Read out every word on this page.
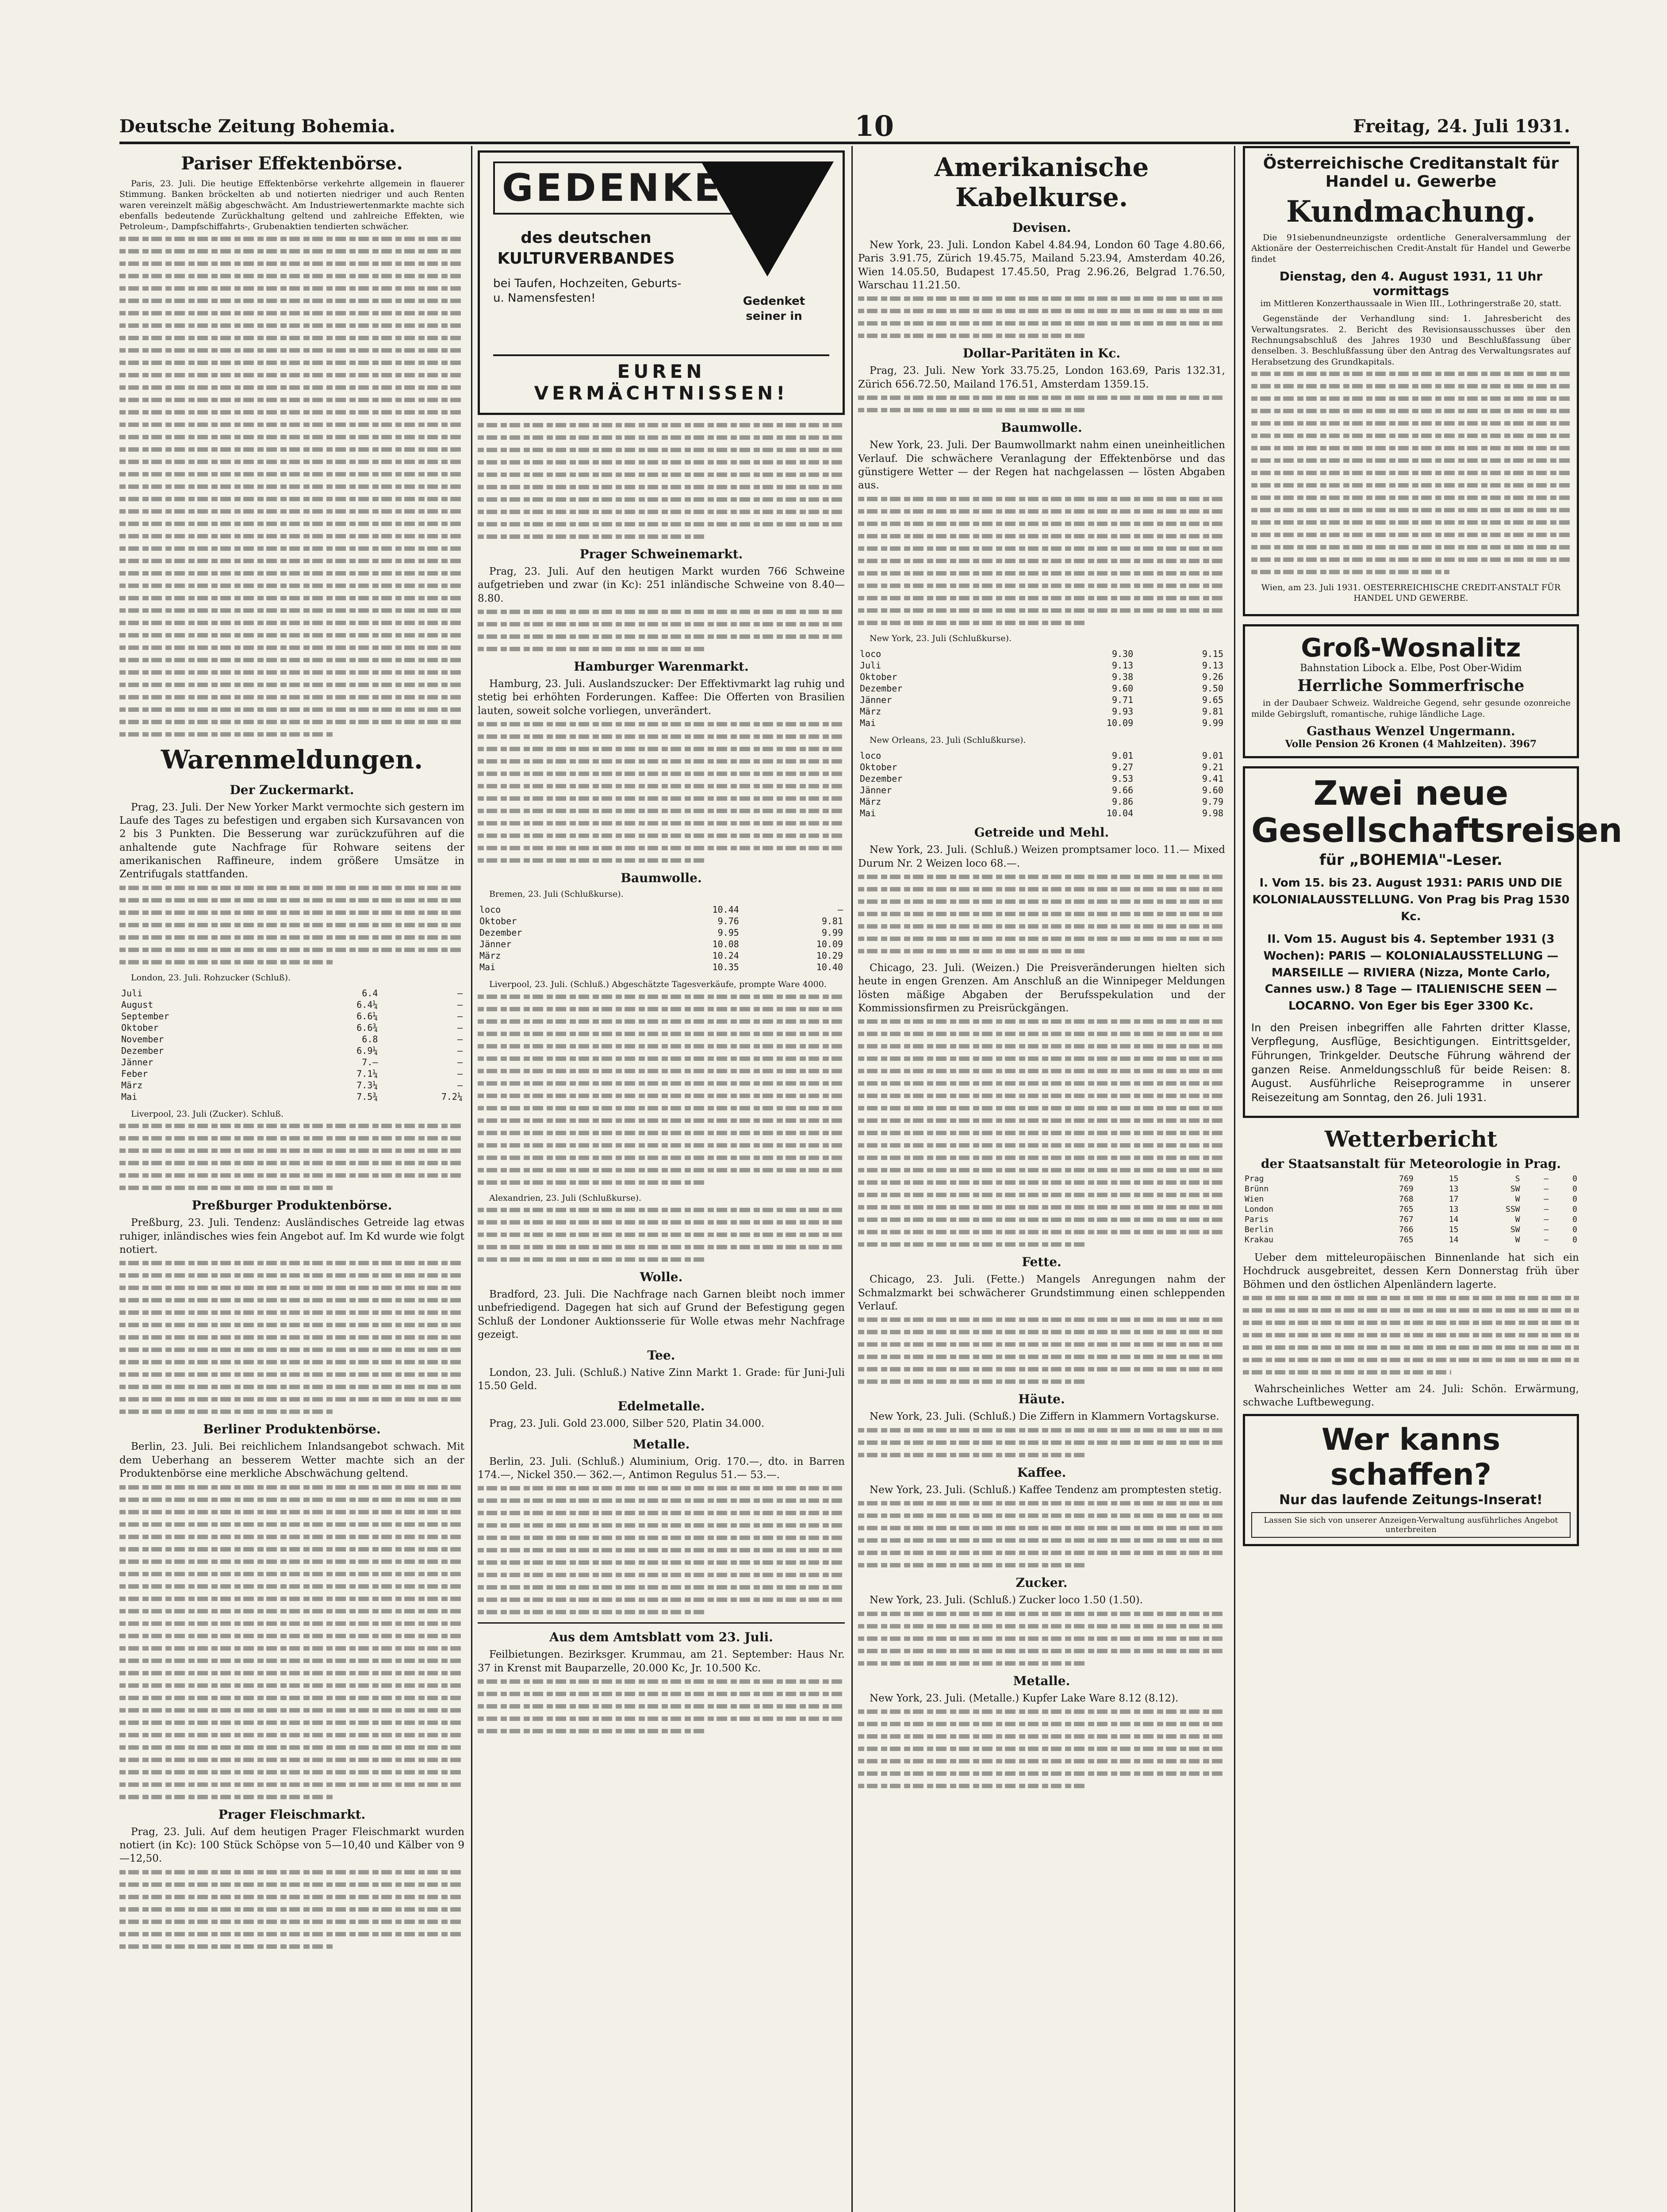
Deutsche Zeitung Bohemia.	10	Freitag, 24. Juli 1931.
Pariser Effektenbörse.

Paris, 23. Juli. Die heutige Effektenbörse verkehrte allgemein in flauerer Stimmung. Banken bröckelten ab und notierten niedriger und auch Renten waren vereinzelt mäßig abgeschwächt. Am Industriewertenmarkte machte sich ebenfalls bedeutende Zurückhaltung geltend und zahlreiche Effekten, wie Petroleum-, Dampfschiffahrts-, Grubenaktien tendierten schwächer.

Warenmeldungen.
Der Zuckermarkt.

Prag, 23. Juli. Der New Yorker Markt vermochte sich gestern im Laufe des Tages zu befestigen und ergaben sich Kursavancen von 2 bis 3 Punkten. Die Besserung war zurückzuführen auf die anhaltende gute Nachfrage für Rohware seitens der amerikanischen Raffineure, indem größere Umsätze in Zentrifugals stattfanden.

London, 23. Juli. Rohzucker (Schluß).

Juli	6.4	—
August	6.4¼	—
September	6.6¼	—
Oktober	6.6¾	—
November	6.8	—
Dezember	6.9¼	—
Jänner	7.—	—
Feber	7.1¼	—
März	7.3¼	—
Mai	7.5¾	7.2¼

Liverpool, 23. Juli (Zucker). Schluß.

Preßburger Produktenbörse.

Preßburg, 23. Juli. Tendenz: Ausländisches Getreide lag etwas ruhiger, inländisches wies fein Angebot auf. Im Kd wurde wie folgt notiert.

Berliner Produktenbörse.

Berlin, 23. Juli. Bei reichlichem Inlandsangebot schwach. Mit dem Ueberhang an besserem Wetter machte sich an der Produktenbörse eine merkliche Abschwächung geltend.

Prager Fleischmarkt.

Prag, 23. Juli. Auf dem heutigen Prager Fleischmarkt wurden notiert (in Kc): 100 Stück Schöpse von 5—10,40 und Kälber von 9—12,50.

GEDENKET
des deutschen KULTURVERBANDES
bei Taufen, Hochzeiten, Geburts- u. Namensfesten!	Gedenket seiner in
EUREN VERMÄCHTNISSEN!
Prager Schweinemarkt.

Prag, 23. Juli. Auf den heutigen Markt wurden 766 Schweine aufgetrieben und zwar (in Kc): 251 inländische Schweine von 8.40—8.80.

Hamburger Warenmarkt.

Hamburg, 23. Juli. Auslandszucker: Der Effektivmarkt lag ruhig und stetig bei erhöhten Forderungen. Kaffee: Die Offerten von Brasilien lauten, soweit solche vorliegen, unverändert.

Baumwolle.

Bremen, 23. Juli (Schlußkurse).

loco	10.44	—
Oktober	9.76	9.81
Dezember	9.95	9.99
Jänner	10.08	10.09
März	10.24	10.29
Mai	10.35	10.40

Liverpool, 23. Juli. (Schluß.) Abgeschätzte Tagesverkäufe, prompte Ware 4000.

Alexandrien, 23. Juli (Schlußkurse).

Wolle.

Bradford, 23. Juli. Die Nachfrage nach Garnen bleibt noch immer unbefriedigend. Dagegen hat sich auf Grund der Befestigung gegen Schluß der Londoner Auktionsserie für Wolle etwas mehr Nachfrage gezeigt.

Tee.

London, 23. Juli. (Schluß.) Native Zinn Markt 1. Grade: für Juni-Juli 15.50 Geld.

Edelmetalle.

Prag, 23. Juli. Gold 23.000, Silber 520, Platin 34.000.

Metalle.

Berlin, 23. Juli. (Schluß.) Aluminium, Orig. 170.—, dto. in Barren 174.—, Nickel 350.— 362.—, Antimon Regulus 51.— 53.—.

Aus dem Amtsblatt vom 23. Juli.

Feilbietungen. Bezirksger. Krummau, am 21. September: Haus Nr. 37 in Krenst mit Bauparzelle, 20.000 Kc, Jr. 10.500 Kc.

Amerikanische Kabelkurse.
Devisen.

New York, 23. Juli. London Kabel 4.84.94, London 60 Tage 4.80.66, Paris 3.91.75, Zürich 19.45.75, Mailand 5.23.94, Amsterdam 40.26, Wien 14.05.50, Budapest 17.45.50, Prag 2.96.26, Belgrad 1.76.50, Warschau 11.21.50.

Dollar-Paritäten in Kc.

Prag, 23. Juli. New York 33.75.25, London 163.69, Paris 132.31, Zürich 656.72.50, Mailand 176.51, Amsterdam 1359.15.

Baumwolle.

New York, 23. Juli. Der Baumwollmarkt nahm einen uneinheitlichen Verlauf. Die schwächere Veranlagung der Effektenbörse und das günstigere Wetter — der Regen hat nachgelassen — lösten Abgaben aus.

New York, 23. Juli (Schlußkurse).

loco	9.30	9.15
Juli	9.13	9.13
Oktober	9.38	9.26
Dezember	9.60	9.50
Jänner	9.71	9.65
März	9.93	9.81
Mai	10.09	9.99

New Orleans, 23. Juli (Schlußkurse).

loco	9.01	9.01
Oktober	9.27	9.21
Dezember	9.53	9.41
Jänner	9.66	9.60
März	9.86	9.79
Mai	10.04	9.98
Getreide und Mehl.

New York, 23. Juli. (Schluß.) Weizen promptsamer loco. 11.— Mixed Durum Nr. 2 Weizen loco 68.—.

Chicago, 23. Juli. (Weizen.) Die Preisveränderungen hielten sich heute in engen Grenzen. Am Anschluß an die Winnipeger Meldungen lösten mäßige Abgaben der Berufsspekulation und der Kommissionsfirmen zu Preisrückgängen.

Fette.

Chicago, 23. Juli. (Fette.) Mangels Anregungen nahm der Schmalzmarkt bei schwächerer Grundstimmung einen schleppenden Verlauf.

Häute.

New York, 23. Juli. (Schluß.) Die Ziffern in Klammern Vortagskurse.

Kaffee.

New York, 23. Juli. (Schluß.) Kaffee Tendenz am promptesten stetig.

Zucker.

New York, 23. Juli. (Schluß.) Zucker loco 1.50 (1.50).

Metalle.

New York, 23. Juli. (Metalle.) Kupfer Lake Ware 8.12 (8.12).

Österreichische Creditanstalt für Handel u. Gewerbe
Kundmachung.

Die 91siebenundneunzigste ordentliche Generalversammlung der Aktionäre der Oesterreichischen Credit-Anstalt für Handel und Gewerbe findet

Dienstag, den 4. August 1931, 11 Uhr vormittags

im Mittleren Konzerthaussaale in Wien III., Lothringerstraße 20, statt.

Gegenstände der Verhandlung sind: 1. Jahresbericht des Verwaltungsrates. 2. Bericht des Revisionsausschusses über den Rechnungsabschluß des Jahres 1930 und Beschlußfassung über denselben. 3. Beschlußfassung über den Antrag des Verwaltungsrates auf Herabsetzung des Grundkapitals.

Wien, am 23. Juli 1931. OESTERREICHISCHE CREDIT-ANSTALT FÜR HANDEL UND GEWERBE.

Groß-Wosnalitz
Bahnstation Libock a. Elbe, Post Ober-Widim
Herrliche Sommerfrische

in der Daubaer Schweiz. Waldreiche Gegend, sehr gesunde ozonreiche milde Gebirgsluft, romantische, ruhige ländliche Lage.

Gasthaus Wenzel Ungermann.
Volle Pension 26 Kronen (4 Mahlzeiten). 3967
Zwei neue Gesellschaftsreisen
für „BOHEMIA"-Leser.
I. Vom 15. bis 23. August 1931: PARIS UND DIE KOLONIALAUSSTELLUNG. Von Prag bis Prag 1530 Kc.
II. Vom 15. August bis 4. September 1931 (3 Wochen): PARIS — KOLONIALAUSSTELLUNG — MARSEILLE — RIVIERA (Nizza, Monte Carlo, Cannes usw.) 8 Tage — ITALIENISCHE SEEN — LOCARNO. Von Eger bis Eger 3300 Kc.

In den Preisen inbegriffen alle Fahrten dritter Klasse, Verpflegung, Ausflüge, Besichtigungen. Eintrittsgelder, Führungen, Trinkgelder. Deutsche Führung während der ganzen Reise. Anmeldungsschluß für beide Reisen: 8. August. Ausführliche Reiseprogramme in unserer Reisezeitung am Sonntag, den 26. Juli 1931.

Wetterbericht
der Staatsanstalt für Meteorologie in Prag.
Prag	769	15	S	—	0
Brünn	769	13	SW	—	0
Wien	768	17	W	—	0
London	765	13	SSW	—	0
Paris	767	14	W	—	0
Berlin	766	15	SW	—	0
Krakau	765	14	W	—	0

Ueber dem mitteleuropäischen Binnenlande hat sich ein Hochdruck ausgebreitet, dessen Kern Donnerstag früh über Böhmen und den östlichen Alpenländern lagerte.

Wahrscheinliches Wetter am 24. Juli: Schön. Erwärmung, schwache Luftbewegung.

Wer kanns schaffen?
Nur das laufende Zeitungs-Inserat!
Lassen Sie sich von unserer Anzeigen-Verwaltung ausführliches Angebot unterbreiten
